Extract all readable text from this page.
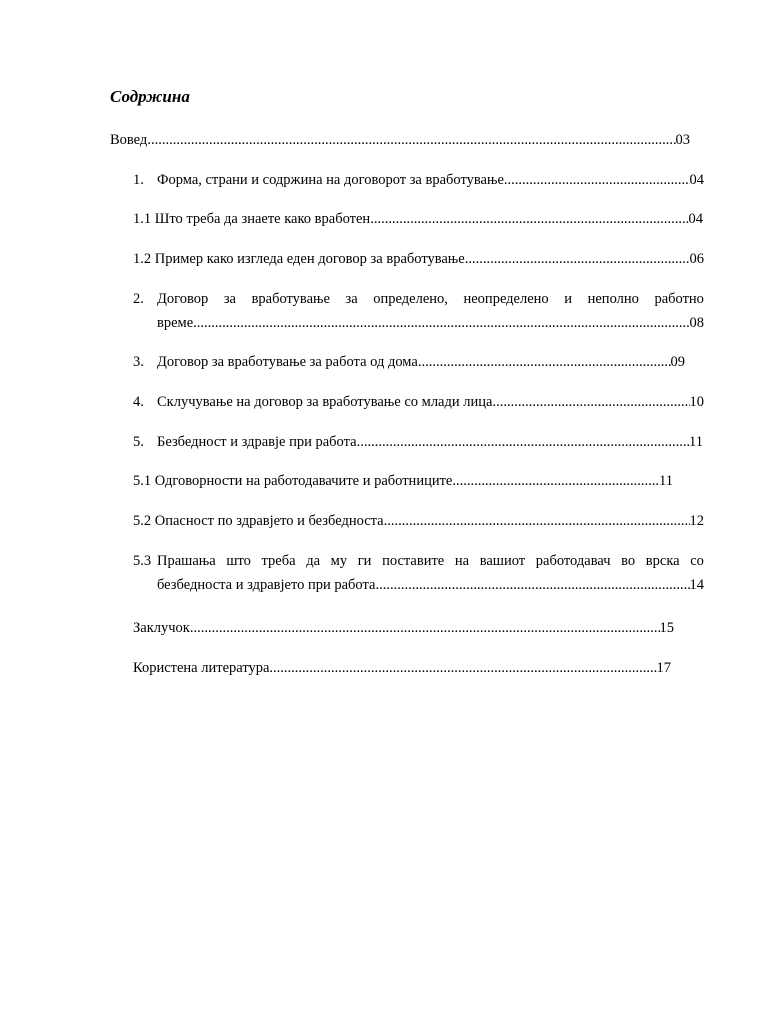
Содржина
Вовед .....	03
1. Форма, страни и содржина на договорот за вработување .....	04
1.1 Што треба да знаете како вработен .....	04
1.2 Пример како изгледа еден договор за вработување .....	06
2. Договор за вработување за определено, неопределено и неполно работно
време .....	08
3. Договор за вработување за работа од дома .....	09
4. Склучување на договор за вработување со млади лица .....	10
5. Безбедност и здравје при работа .....	11
5.1 Одговорности на работодавачите и работниците .....	11
5.2 Опасност по здравјето и безбедноста .....	12
5.3 Прашања што треба да му ги поставите на вашиот работодавач во врска со
безбедноста и здравјето при работа .....	14
Заклучок .....	15
Користена литература .....	17
